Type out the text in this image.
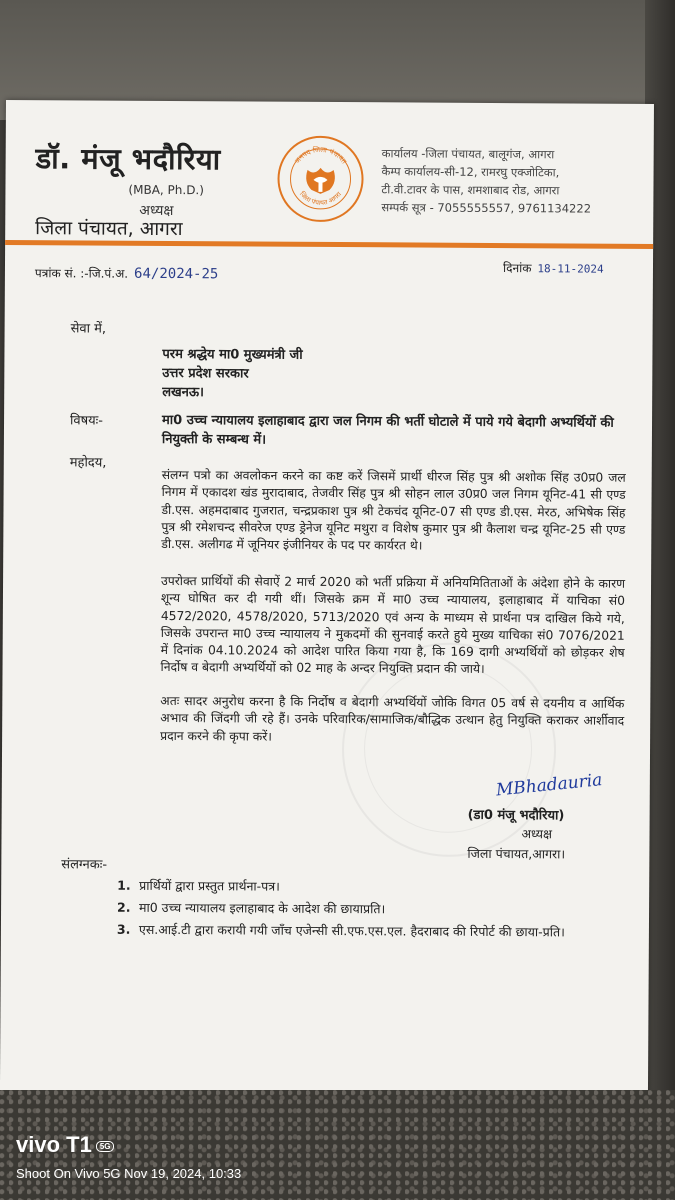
डॉ. मंजू भदौरिया
(MBA, Ph.D.)
अध्यक्ष
जिला पंचायत, आगरा
जनपद जिला पंचायत
जिला पंचायत आगरा
कार्यालय -जिला पंचायत, बालूगंज, आगरा
कैम्प कार्यालय-सी-12, रामरघु एक्जोटिका,
टी.वी.टावर के पास, शमशाबाद रोड, आगरा
सम्पर्क सूत्र - 7055555557, 9761134222
पत्रांक सं. :-जि.पं.अ. 64/2024-25	दिनांक 18-11-2024
सेवा में,
परम श्रद्धेय मा0 मुख्यमंत्री जी
उत्तर प्रदेश सरकार
लखनऊ।
विषयः-	मा0 उच्च न्यायालय इलाहाबाद द्वारा जल निगम की भर्ती घोटाले में पाये गये बेदागी अभ्यर्थियों की नियुक्ती के सम्बन्ध में।
महोदय,
संलग्न पत्रो का अवलोकन करने का कष्ट करें जिसमें प्रार्थी धीरज सिंह पुत्र श्री अशोक सिंह उ0प्र0 जल निगम में एकादश खंड मुरादाबाद, तेजवीर सिंह पुत्र श्री सोहन लाल उ0प्र0 जल निगम यूनिट-41 सी एण्ड डी.एस. अहमदाबाद गुजरात, चन्द्रप्रकाश पुत्र श्री टेकचंद यूनिट-07 सी एण्ड डी.एस. मेरठ, अभिषेक सिंह पुत्र श्री रमेशचन्द सीवरेज एण्ड ड्रेनेज यूनिट मथुरा व विशेष कुमार पुत्र श्री कैलाश चन्द्र यूनिट-25 सी एण्ड डी.एस. अलीगढ में जूनियर इंजीनियर के पद पर कार्यरत थे।
उपरोक्त प्रार्थियों की सेवाऐं 2 मार्च 2020 को भर्ती प्रक्रिया में अनियमितिताओं के अंदेशा होने के कारण शून्य घोषित कर दी गयी थीं। जिसके क्रम में मा0 उच्च न्यायालय, इलाहाबाद में याचिका सं0 4572/2020, 4578/2020, 5713/2020 एवं अन्य के माध्यम से प्रार्थना पत्र दाखिल किये गये, जिसके उपरान्त मा0 उच्च न्यायालय ने मुकदमों की सुनवाई करते हुये मुख्य याचिका सं0 7076/2021 में दिनांक 04.10.2024 को आदेश पारित किया गया है, कि 169 दागी अभ्यर्थियों को छोड़कर शेष निर्दोष व बेदागी अभ्यर्थियों को 02 माह के अन्दर नियुक्ति प्रदान की जाये।
अतः सादर अनुरोध करना है कि निर्दोष व बेदागी अभ्यर्थियों जोकि विगत 05 वर्ष से दयनीय व आर्थिक अभाव की जिंदगी जी रहे हैं। उनके परिवारिक/सामाजिक/बौद्धिक उत्थान हेतु नियुक्ति कराकर आर्शीवाद प्रदान करने की कृपा करें।
MBhadauria
(डा0 मंजू भदौरिया)
अध्यक्ष
जिला पंचायत,आगरा।
संलग्नकः-
1. प्रार्थियों द्वारा प्रस्तुत प्रार्थना-पत्र।
2. मा0 उच्च न्यायालय इलाहाबाद के आदेश की छायाप्रति।
3. एस.आई.टी द्वारा करायी गयी जाँच एजेन्सी सी.एफ.एस.एल. हैदराबाद की रिपोर्ट की छाया-प्रति।
vivo T1 5G
Shoot On Vivo 5G Nov 19, 2024, 10:33
